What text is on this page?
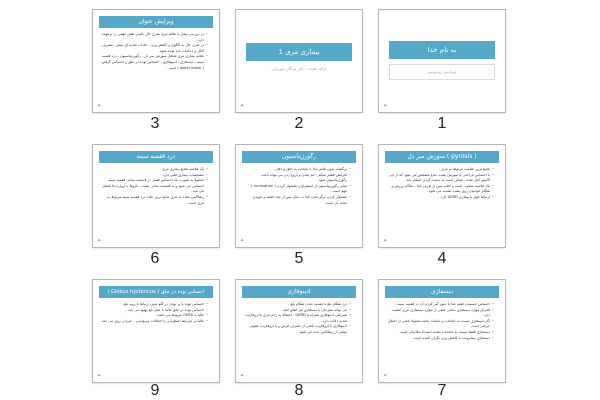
ویرایش عنوان
• در بررسی بیمار با علائم مری شرح حال بالینی نقش مهمی را برعهده دارد .
• در شرح حال به الگوی و کاهش وزن ، عادات تغذیه ای بیمار ، مصرف الکل و دخانیات باید توجه شود .
• علائم بیماری مری شامل سوزش سر دل ، رگورژیتاسیون ، درد قفسه سینه ، دیسفاژی ، ادینوفاژی ، احساس توده در حلق و احساس گرفتن ( water brash ) است .
✦
3
بیماری مری 1
ارائه دهنده : دکتر مژگان میرزایی
✦
2
به نام خدا
ویرایش زیرنویس
✦
1
درد قفسه سینه
• یک علامت شایع بیماری مری .
• مشخصات بیماری قلبی دارد .
• معمولا به صورت یک احساس فشار در قسمت میانی قفسه سینه احساس می شود و به قسمت میانی پشت ، بازوها یا آرواره ها انتشار می یابد .
• ریفلاکس معده به مری شایع ترین علت درد قفسه سینه مربوط به مری است .
✦
6
رگورژیتاسیون
• برگشت بدون تلاش غذا یا مایعات به حلق و دهان .
• افزایش فشار شکم ، خم شدن و آروغ زدن می تواند باعث رگورژیتاسیون شود .
• تمایز رگورژیتاسیون از استفراغ و نشخوار کردن ( rumination ) مهم است .
• نشخوار کردن برگرداندن غذا به دهان پس از چند دقیقه و جویدن مجدد آن است .
✦
5
( pyrosis ) سوزش سر دل
• شایع ترین علامت مربوط به مری .
• با احساس ناراحتی یا سوزش پشت جناغ مشخص می شود که از اپی گاستر آغاز شده ، ممکن است به سمت گردن انتشار یابد .
• یک علامت متناوب است و اغلب پس از صرف غذا ، هنگام ورزش و هنگام خوابیدن روی پشت تشدید می شود .
• ارتباط قوی با بیماری GERD دارد .
✦
4
احساس توده در حلق ( Globus hystericus )
• احساس توده یا پر بودن در گلو بدون ارتباط با روند بلع .
• احساس توده در حلق غالبا با عمل بلع بهبود می یابد .
• غالبا با GERD مربوط می باشد .
• غالبا در شرایط اضطرابی یا اختلالات وسواسی - جبرانی روی می دهد .
✦
9
ادینوفاژی
• درد هنگام بلع با تشدید شدن هنگام بلع .
• می تواند همزمان با دیسفاژی نیز اتفاق افتد .
• همراهی ادینوفاژی همراه با GERD ، احتمالا به زخم مری یا ازوفاژیت شدید دلالت دارد .
• ادینوفاژی با ازوفاژیت ناشی از مصرف قرص و یا ازوفاژیت عفونی بیشتر از ریفلاکس دیده می شود .
✦
8
دیسفاژی
• احساس چسبیدن لقمه غذا یا عبور گیر کردن آن در قفسه سینه .
• افتراق موارد دیسفاژی دهانی حلقی از موارد دیسفاژی مری اهمیت دارد .
• اگر دیسفاژی نسبت به جامدات و مایعات باشد معمولا ناشی از اختلال حرکتی است .
• دیسفاژی فقط نسبت به جامدات نشانه انسداد مکانیکی است .
• دیسفاژی پیشرونده با کاهش وزن نگران کننده است .
✦
7
